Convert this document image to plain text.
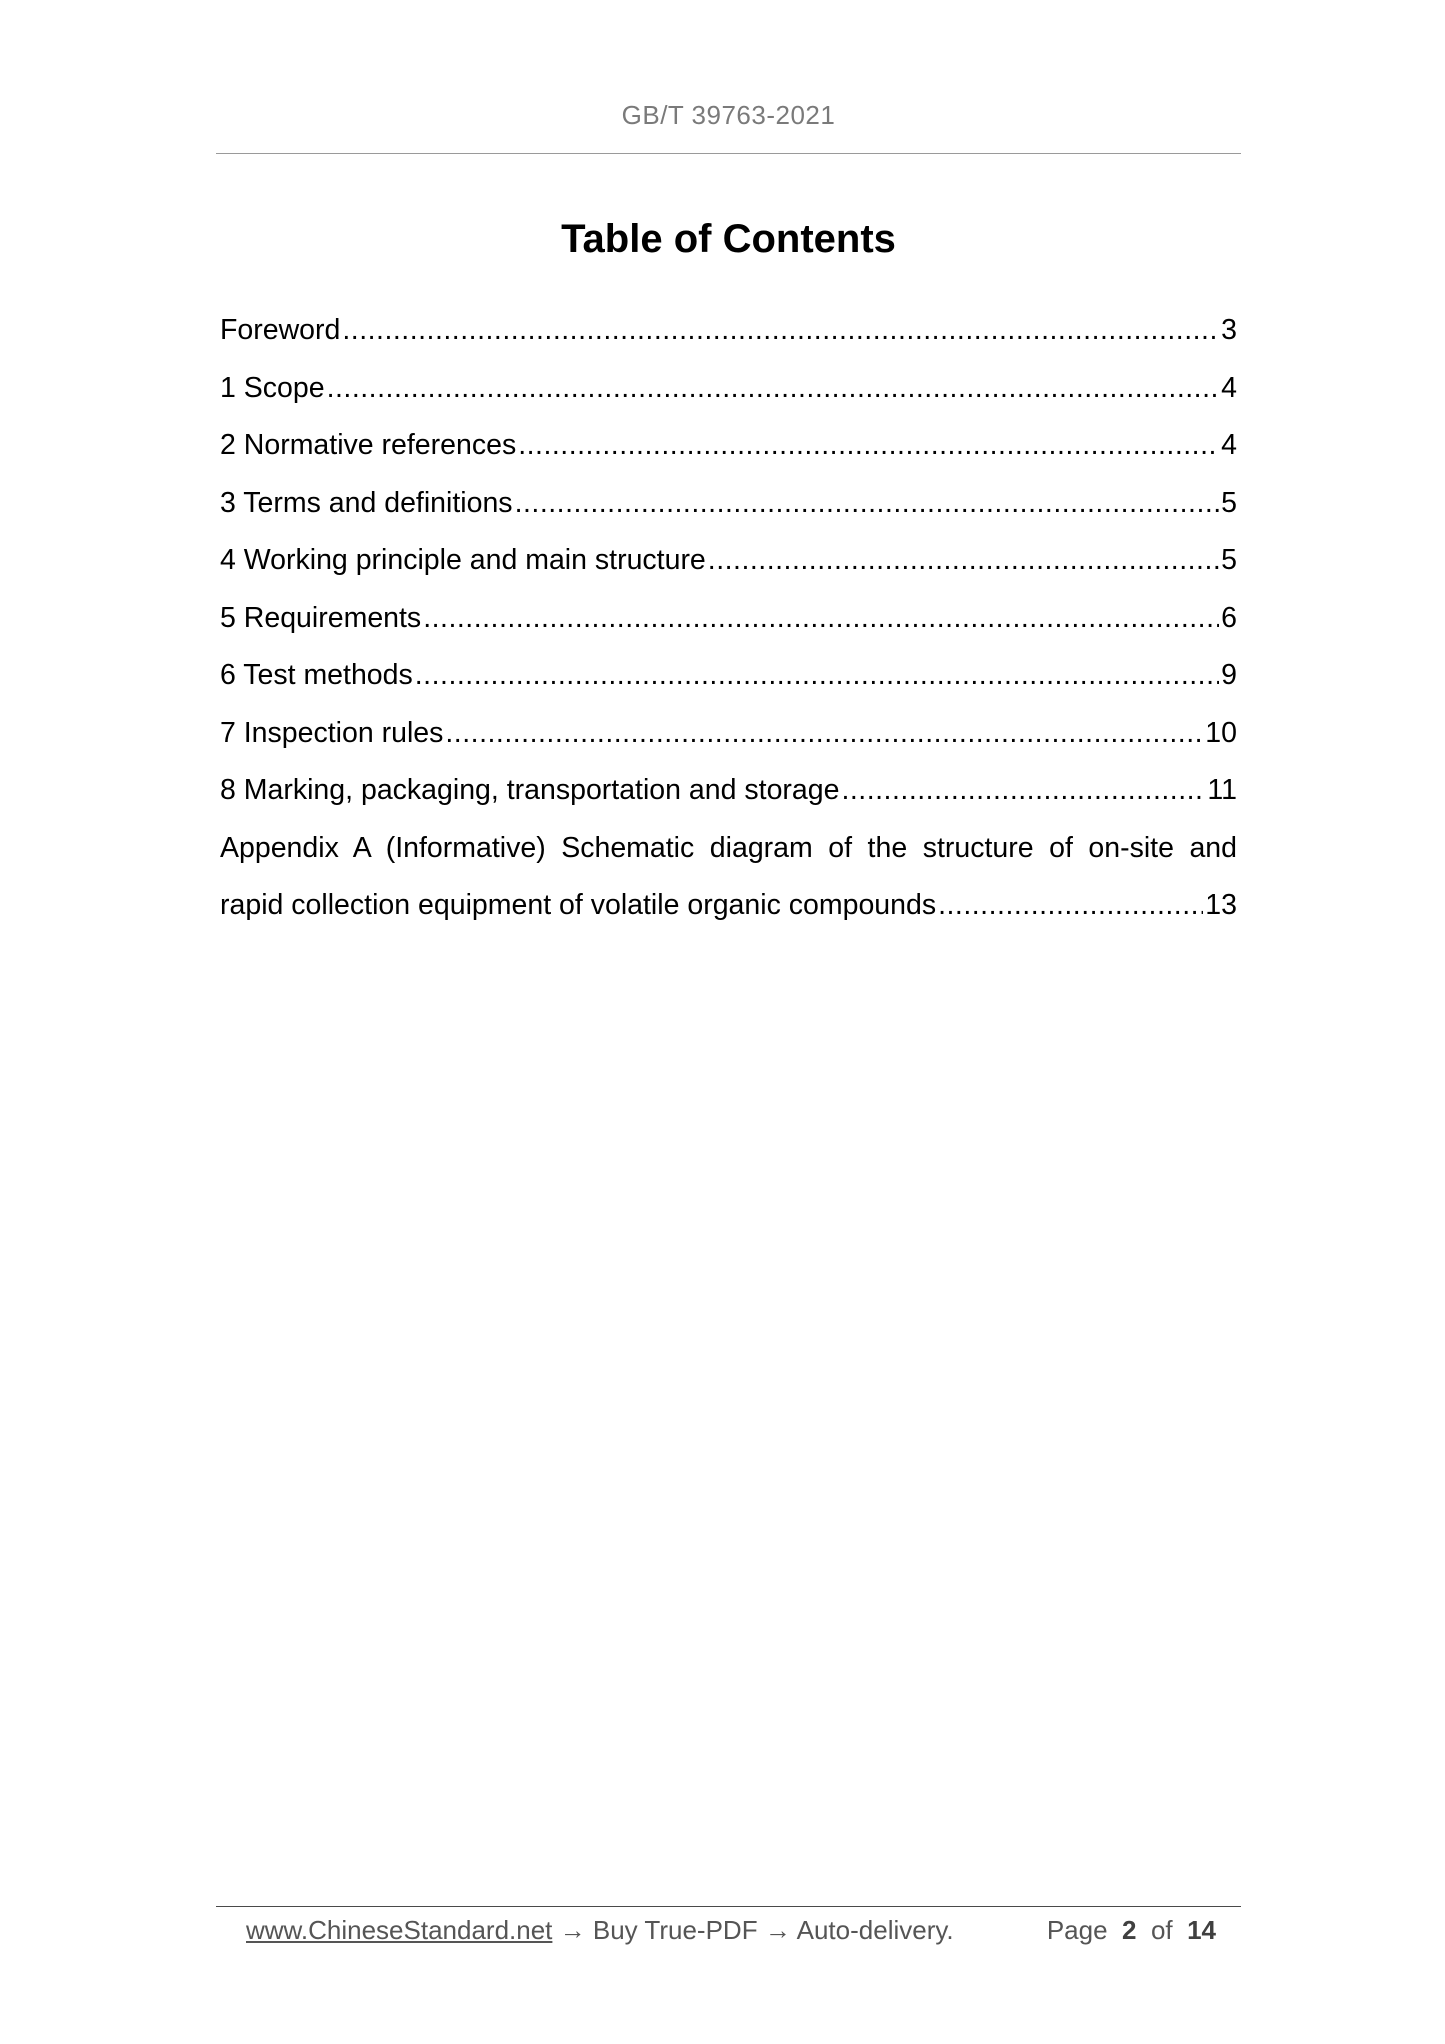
GB/T 39763-2021
Table of Contents
Foreword .....	3
1 Scope .....	4
2 Normative references .....	4
3 Terms and definitions .....	5
4 Working principle and main structure .....	5
5 Requirements .....	6
6 Test methods .....	9
7 Inspection rules .....	10
8 Marking, packaging, transportation and storage .....	11
Appendix A (Informative) Schematic diagram of the structure of on-site and
rapid collection equipment of volatile organic compounds .....	13
www.ChineseStandard.net → Buy True-PDF → Auto-delivery.	Page 2 of 14
